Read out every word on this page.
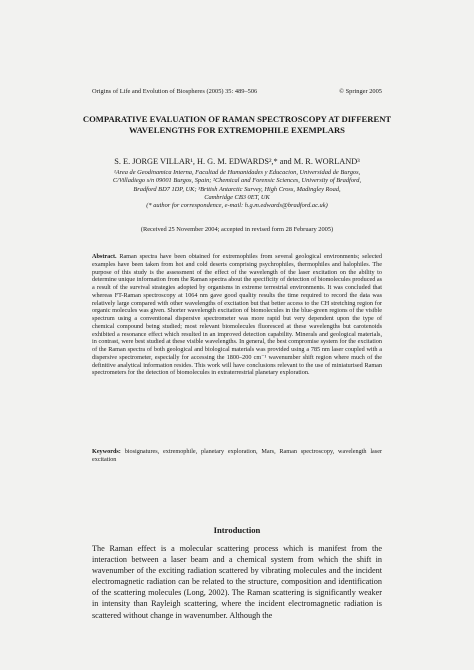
Origins of Life and Evolution of Biospheres (2005) 35: 489–506	© Springer 2005
COMPARATIVE EVALUATION OF RAMAN SPECTROSCOPY AT DIFFERENT WAVELENGTHS FOR EXTREMOPHILE EXEMPLARS
S. E. JORGE VILLAR¹, H. G. M. EDWARDS²,* and M. R. WORLAND³
¹Area de Geodinamica Interna, Facultad de Humanidades y Educacion, Universidad de Burgos,
C/Villadiego s/n 09001 Burgos, Spain; ²Chemical and Forensic Sciences, University of Bradford,
Bradford BD7 1DP, UK; ³British Antarctic Survey, High Cross, Madingley Road,
Cambridge CB3 0ET, UK
(* author for correspondence, e-mail: h.g.m.edwards@bradford.ac.uk)
(Received 25 November 2004; accepted in revised form 28 February 2005)
Abstract. Raman spectra have been obtained for extremophiles from several geological environments; selected examples have been taken from hot and cold deserts comprising psychrophiles, thermophiles and halophiles. The purpose of this study is the assessment of the effect of the wavelength of the laser excitation on the ability to determine unique information from the Raman spectra about the specificity of detection of biomolecules produced as a result of the survival strategies adopted by organisms in extreme terrestrial environments. It was concluded that whereas FT-Raman spectroscopy at 1064 nm gave good quality results the time required to record the data was relatively large compared with other wavelengths of excitation but that better access to the CH stretching region for organic molecules was given. Shorter wavelength excitation of biomolecules in the blue-green regions of the visible spectrum using a conventional dispersive spectrometer was more rapid but very dependent upon the type of chemical compound being studied; most relevant biomolecules fluoresced at these wavelengths but carotenoids exhibited a resonance effect which resulted in an improved detection capability. Minerals and geological materials, in contrast, were best studied at these visible wavelengths. In general, the best compromise system for the excitation of the Raman spectra of both geological and biological materials was provided using a 785 nm laser coupled with a dispersive spectrometer, especially for accessing the 1800–200 cm⁻¹ wavenumber shift region where much of the definitive analytical information resides. This work will have conclusions relevant to the use of miniaturised Raman spectrometers for the detection of biomolecules in extraterrestrial planetary exploration.
Keywords: biosignatures, extremophile, planetary exploration, Mars, Raman spectroscopy, wavelength laser excitation
Introduction
The Raman effect is a molecular scattering process which is manifest from the interaction between a laser beam and a chemical system from which the shift in wavenumber of the exciting radiation scattered by vibrating molecules and the incident electromagnetic radiation can be related to the structure, composition and identification of the scattering molecules (Long, 2002). The Raman scattering is significantly weaker in intensity than Rayleigh scattering, where the incident electromagnetic radiation is scattered without change in wavenumber. Although the
